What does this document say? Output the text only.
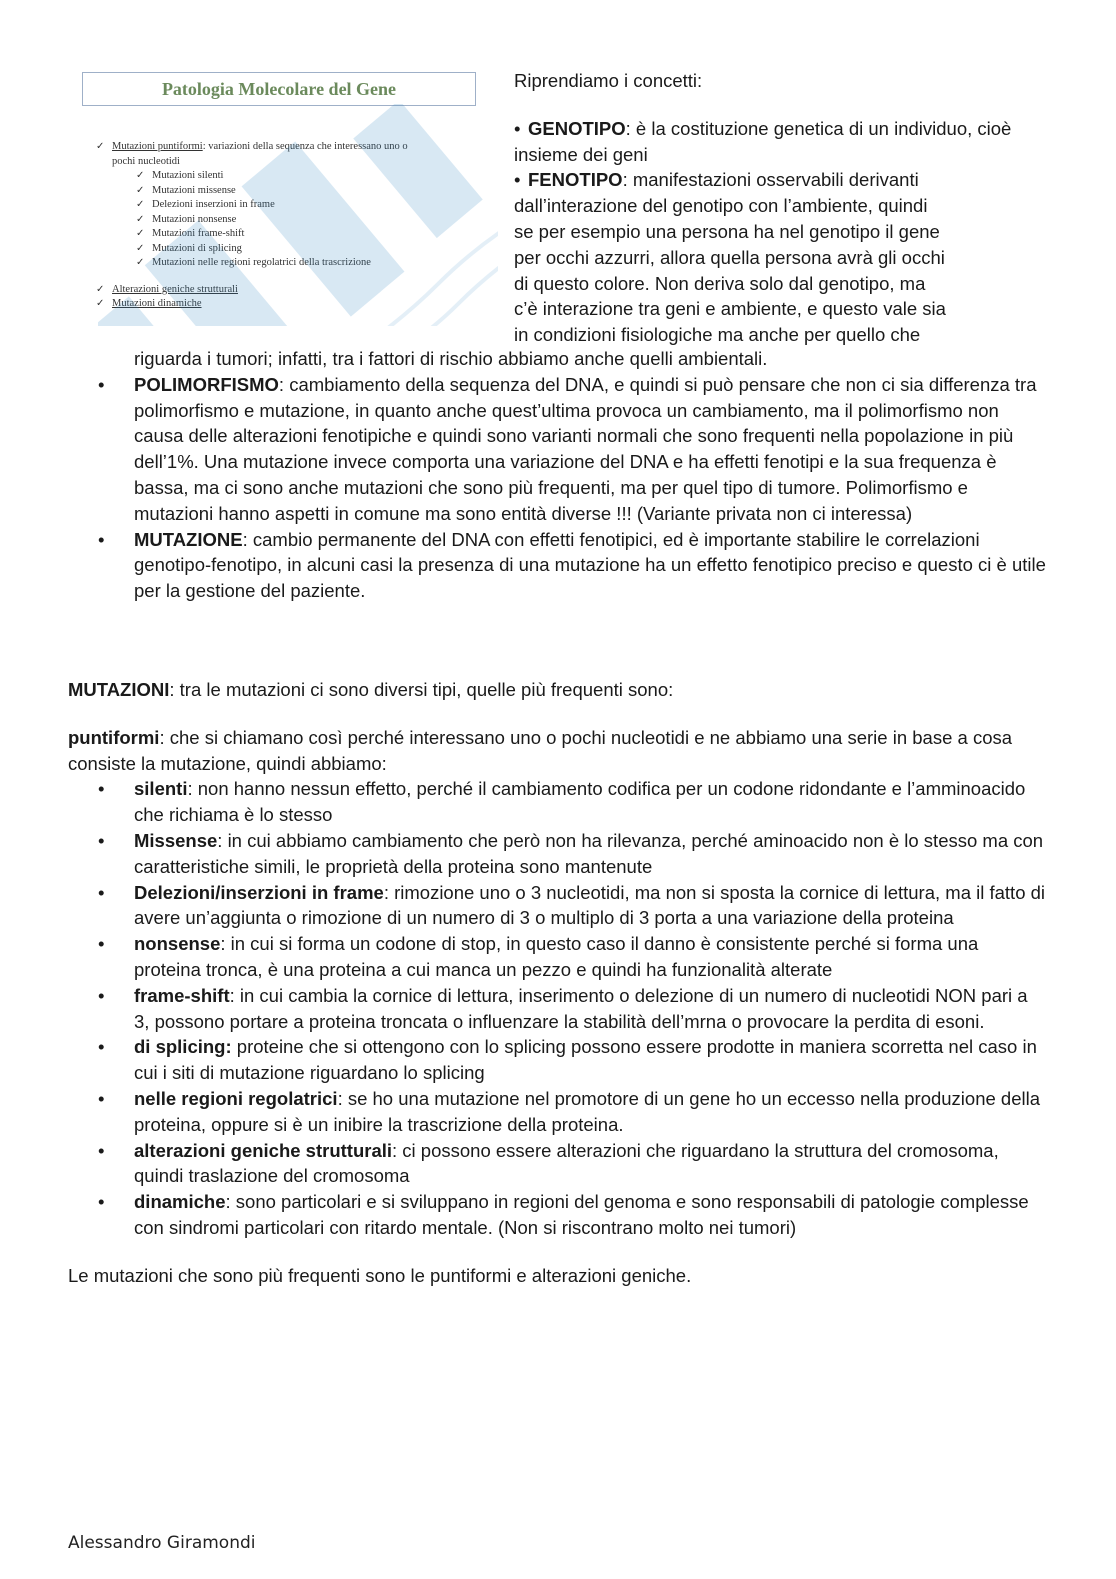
Patologia Molecolare del Gene
✓ Mutazioni puntiformi: variazioni della sequenza che interessano uno o
pochi nucleotidi
✓ Mutazioni silenti
✓ Mutazioni missense
✓ Delezioni inserzioni in frame
✓ Mutazioni nonsense
✓ Mutazioni frame-shift
✓ Mutazioni di splicing
✓ Mutazioni nelle regioni regolatrici della trascrizione
✓ Alterazioni geniche strutturali
✓ Mutazioni dinamiche

Riprendiamo i concetti:

• GENOTIPO: è la costituzione genetica di un individuo, cioè insieme dei geni

• FENOTIPO: manifestazioni osservabili derivanti
dall’interazione del genotipo con l’ambiente, quindi
se per esempio una persona ha nel genotipo il gene
per occhi azzurri, allora quella persona avrà gli occhi
di questo colore. Non deriva solo dal genotipo, ma
c’è interazione tra geni e ambiente, e questo vale sia
in condizioni fisiologiche ma anche per quello che

riguarda i tumori; infatti, tra i fattori di rischio abbiamo anche quelli ambientali.

• POLIMORFISMO: cambiamento della sequenza del DNA, e quindi si può pensare che non ci sia differenza tra polimorfismo e mutazione, in quanto anche quest’ultima provoca un cambiamento, ma il polimorfismo non causa delle alterazioni fenotipiche e quindi sono varianti normali che sono frequenti nella popolazione in più dell’1%. Una mutazione invece comporta una variazione del DNA e ha effetti fenotipi e la sua frequenza è bassa, ma ci sono anche mutazioni che sono più frequenti, ma per quel tipo di tumore. Polimorfismo e mutazioni hanno aspetti in comune ma sono entità diverse !!! (Variante privata non ci interessa)
• MUTAZIONE: cambio permanente del DNA con effetti fenotipici, ed è importante stabilire le correlazioni genotipo-fenotipo, in alcuni casi la presenza di una mutazione ha un effetto fenotipico preciso e questo ci è utile per la gestione del paziente.

MUTAZIONI: tra le mutazioni ci sono diversi tipi, quelle più frequenti sono:

puntiformi: che si chiamano così perché interessano uno o pochi nucleotidi e ne abbiamo una serie in base a cosa consiste la mutazione, quindi abbiamo:

• silenti: non hanno nessun effetto, perché il cambiamento codifica per un codone ridondante e l’amminoacido che richiama è lo stesso
• Missense: in cui abbiamo cambiamento che però non ha rilevanza, perché aminoacido non è lo stesso ma con caratteristiche simili, le proprietà della proteina sono mantenute
• Delezioni/inserzioni in frame: rimozione uno o 3 nucleotidi, ma non si sposta la cornice di lettura, ma il fatto di avere un’aggiunta o rimozione di un numero di 3 o multiplo di 3 porta a una variazione della proteina
• nonsense: in cui si forma un codone di stop, in questo caso il danno è consistente perché si forma una proteina tronca, è una proteina a cui manca un pezzo e quindi ha funzionalità alterate
• frame-shift: in cui cambia la cornice di lettura, inserimento o delezione di un numero di nucleotidi NON pari a 3, possono portare a proteina troncata o influenzare la stabilità dell’mrna o provocare la perdita di esoni.
• di splicing: proteine che si ottengono con lo splicing possono essere prodotte in maniera scorretta nel caso in cui i siti di mutazione riguardano lo splicing
• nelle regioni regolatrici: se ho una mutazione nel promotore di un gene ho un eccesso nella produzione della proteina, oppure si è un inibire la trascrizione della proteina.
• alterazioni geniche strutturali: ci possono essere alterazioni che riguardano la struttura del cromosoma, quindi traslazione del cromosoma
• dinamiche: sono particolari e si sviluppano in regioni del genoma e sono responsabili di patologie complesse con sindromi particolari con ritardo mentale. (Non si riscontrano molto nei tumori)

Le mutazioni che sono più frequenti sono le puntiformi e alterazioni geniche.

Alessandro Giramondi
